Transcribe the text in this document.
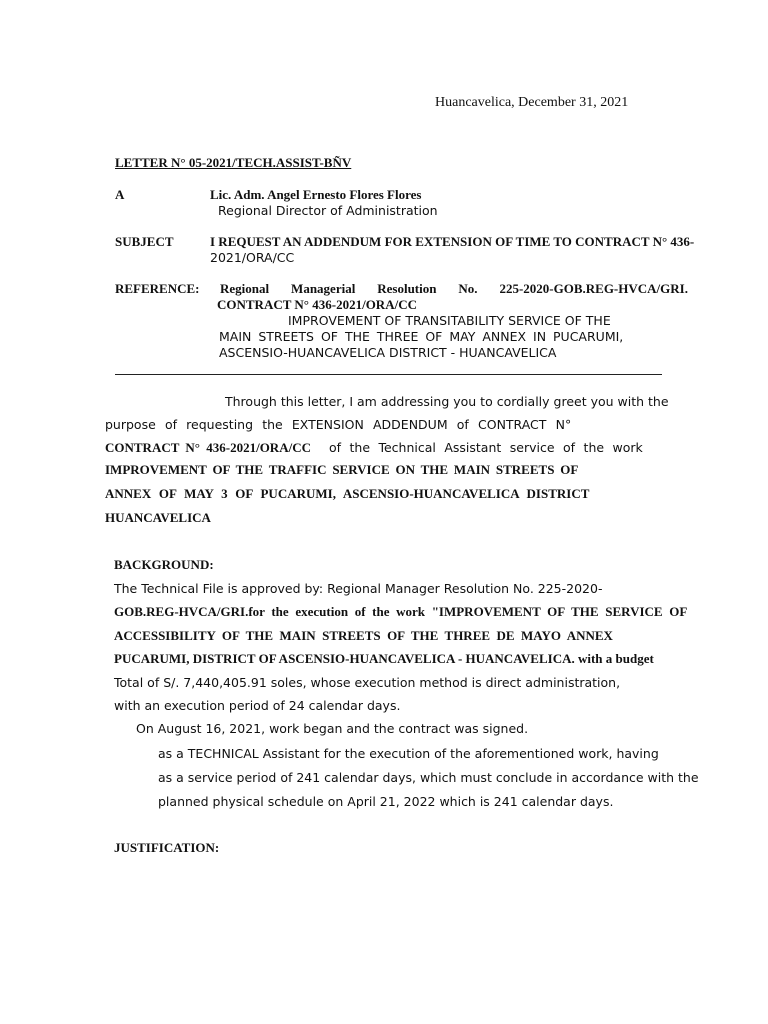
Huancavelica, December 31, 2021
LETTER N° 05-2021/TECH.ASSIST-BÑV
A	Lic. Adm. Angel Ernesto Flores Flores
Regional Director of Administration
SUBJECT	I REQUEST AN ADDENDUM FOR EXTENSION OF TIME TO CONTRACT N° 436-
2021/ORA/CC
REFERENCE: Regional Managerial Resolution No. 225-2020-GOB.REG-HVCA/GRI.
CONTRACT N° 436-2021/ORA/CC
IMPROVEMENT OF TRANSITABILITY SERVICE OF THE
MAIN STREETS OF THE THREE OF MAY ANNEX IN PUCARUMI,
ASCENSIO-HUANCAVELICA DISTRICT - HUANCAVELICA
Through this letter, I am addressing you to cordially greet you with the
purpose of requesting the EXTENSION ADDENDUM of CONTRACT N°
CONTRACT N° 436-2021/ORA/CC of the Technical Assistant service of the work
IMPROVEMENT OF THE TRAFFIC SERVICE ON THE MAIN STREETS OF
ANNEX OF MAY 3 OF PUCARUMI, ASCENSIO-HUANCAVELICA DISTRICT
HUANCAVELICA
BACKGROUND:
The Technical File is approved by: Regional Manager Resolution No. 225-2020-
GOB.REG-HVCA/GRI.for the execution of the work "IMPROVEMENT OF THE SERVICE OF
ACCESSIBILITY OF THE MAIN STREETS OF THE THREE DE MAYO ANNEX
PUCARUMI, DISTRICT OF ASCENSIO-HUANCAVELICA - HUANCAVELICA. with a budget
Total of S/. 7,440,405.91 soles, whose execution method is direct administration,
with an execution period of 24 calendar days.
On August 16, 2021, work began and the contract was signed.
as a TECHNICAL Assistant for the execution of the aforementioned work, having
as a service period of 241 calendar days, which must conclude in accordance with the
planned physical schedule on April 21, 2022 which is 241 calendar days.
JUSTIFICATION:
